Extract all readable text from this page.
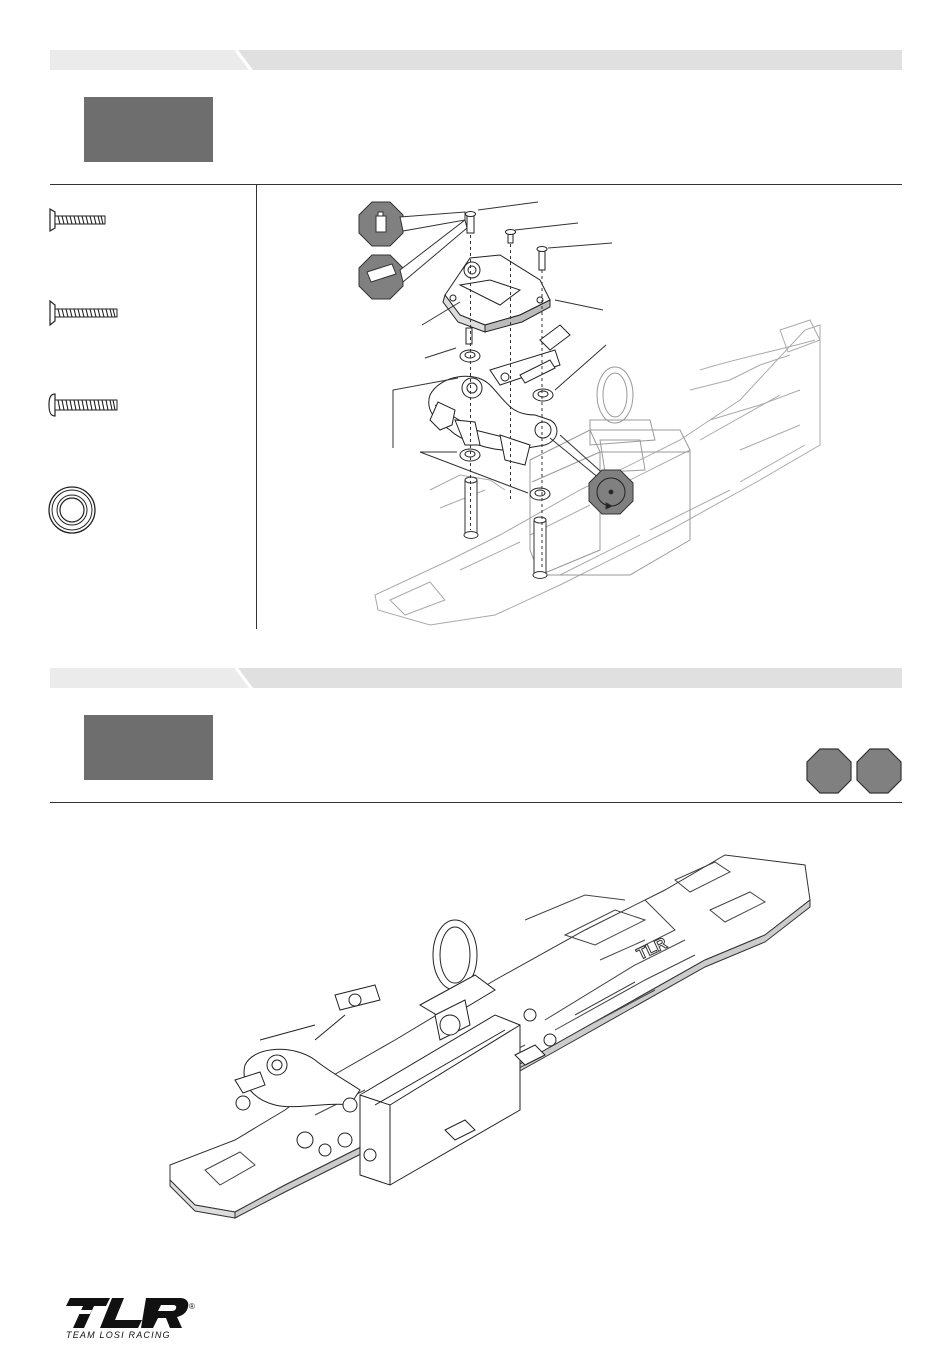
TLR
®
TEAM LOSI RACING
